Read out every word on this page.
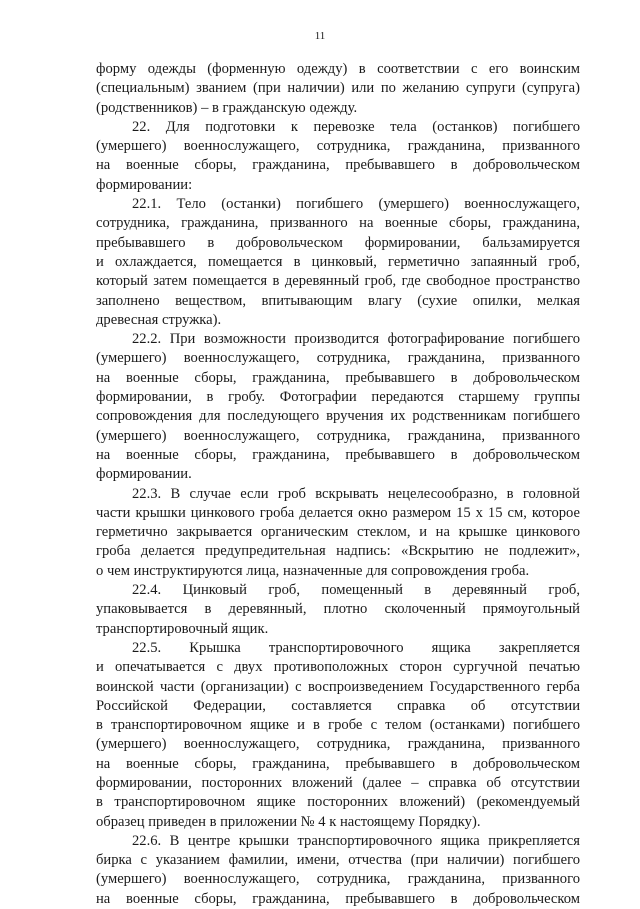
11
форму одежды (форменную одежду) в соответствии с его воинским
(специальным) званием (при наличии) или по желанию супруги (супруга)
(родственников) – в гражданскую одежду.
22. Для подготовки к перевозке тела (останков) погибшего
(умершего) военнослужащего, сотрудника, гражданина, призванного
на военные сборы, гражданина, пребывавшего в добровольческом
формировании:
22.1. Тело (останки) погибшего (умершего) военнослужащего,
сотрудника, гражданина, призванного на военные сборы, гражданина,
пребывавшего в добровольческом формировании, бальзамируется
и охлаждается, помещается в цинковый, герметично запаянный гроб,
который затем помещается в деревянный гроб, где свободное пространство
заполнено веществом, впитывающим влагу (сухие опилки, мелкая
древесная стружка).
22.2. При возможности производится фотографирование погибшего
(умершего) военнослужащего, сотрудника, гражданина, призванного
на военные сборы, гражданина, пребывавшего в добровольческом
формировании, в гробу. Фотографии передаются старшему группы
сопровождения для последующего вручения их родственникам погибшего
(умершего) военнослужащего, сотрудника, гражданина, призванного
на военные сборы, гражданина, пребывавшего в добровольческом
формировании.
22.3. В случае если гроб вскрывать нецелесообразно, в головной
части крышки цинкового гроба делается окно размером 15 х 15 см, которое
герметично закрывается органическим стеклом, и на крышке цинкового
гроба делается предупредительная надпись: «Вскрытию не подлежит»,
о чем инструктируются лица, назначенные для сопровождения гроба.
22.4. Цинковый гроб, помещенный в деревянный гроб,
упаковывается в деревянный, плотно сколоченный прямоугольный
транспортировочный ящик.
22.5. Крышка транспортировочного ящика закрепляется
и опечатывается с двух противоположных сторон сургучной печатью
воинской части (организации) с воспроизведением Государственного герба
Российской Федерации, составляется справка об отсутствии
в транспортировочном ящике и в гробе с телом (останками) погибшего
(умершего) военнослужащего, сотрудника, гражданина, призванного
на военные сборы, гражданина, пребывавшего в добровольческом
формировании, посторонних вложений (далее – справка об отсутствии
в транспортировочном ящике посторонних вложений) (рекомендуемый
образец приведен в приложении № 4 к настоящему Порядку).
22.6. В центре крышки транспортировочного ящика прикрепляется
бирка с указанием фамилии, имени, отчества (при наличии) погибшего
(умершего) военнослужащего, сотрудника, гражданина, призванного
на военные сборы, гражданина, пребывавшего в добровольческом
